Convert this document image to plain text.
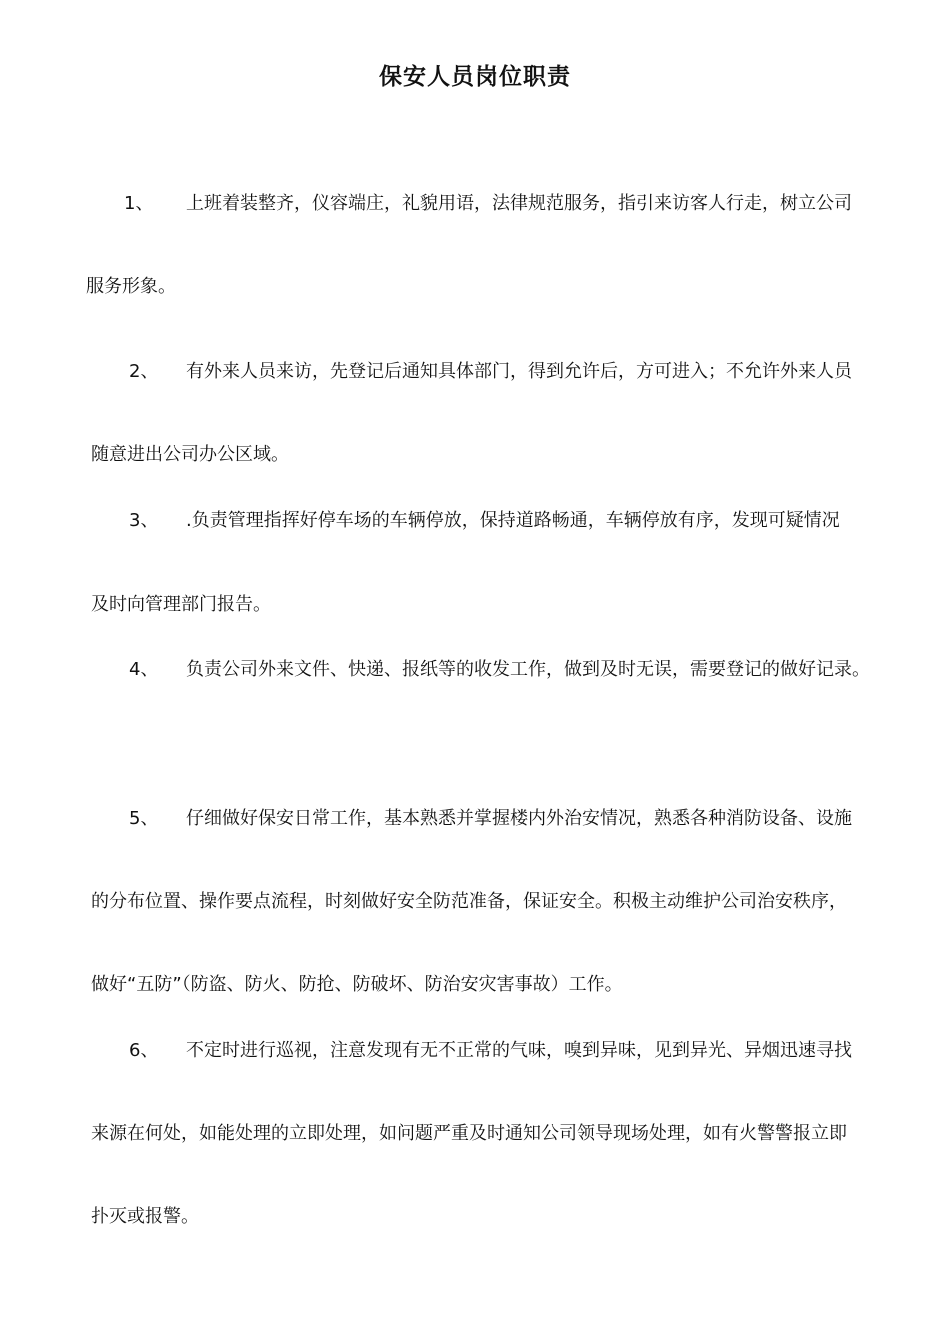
保安人员岗位职责
1、 上班着装整齐，仪容端庄，礼貌用语，法律规范服务，指引来访客人行走，树立公司
服务形象。
2、 有外来人员来访，先登记后通知具体部门，得到允许后，方可进入；不允许外来人员
随意进出公司办公区域。
3、 .负责管理指挥好停车场的车辆停放，保持道路畅通，车辆停放有序，发现可疑情况
及时向管理部门报告。
4、 负责公司外来文件、快递、报纸等的收发工作，做到及时无误，需要登记的做好记录。
5、 仔细做好保安日常工作，基本熟悉并掌握楼内外治安情况，熟悉各种消防设备、设施
的分布位置、操作要点流程，时刻做好安全防范准备，保证安全。积极主动维护公司治安秩序，
做好“五防”（防盗、防火、防抢、防破坏、防治安灾害事故）工作。
6、 不定时进行巡视，注意发现有无不正常的气味，嗅到异味，见到异光、异烟迅速寻找
来源在何处，如能处理的立即处理，如问题严重及时通知公司领导现场处理，如有火警警报立即
扑灭或报警。
